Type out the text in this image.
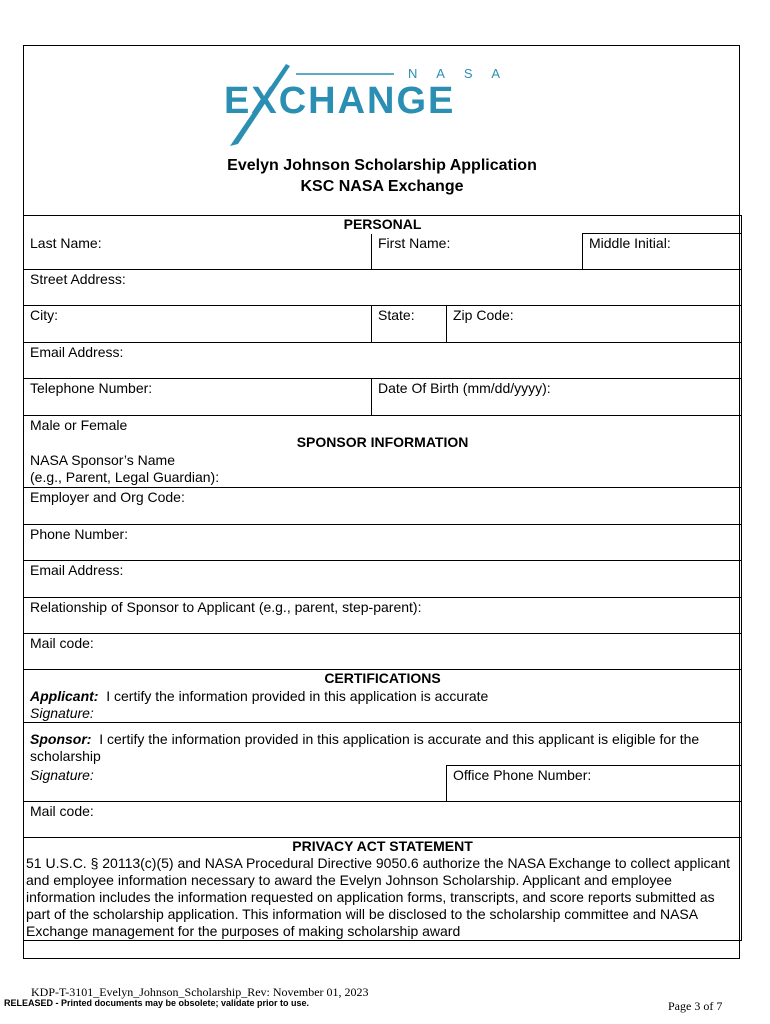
N A S A
EXCHANGE
Evelyn Johnson Scholarship Application
KSC NASA Exchange
PERSONAL			
Last Name:	First Name:		Middle Initial:
Street Address:			
City:	State:	Zip Code:	
Email Address:			
Telephone Number:	Date Of Birth (mm/dd/yyyy):		
Male or Female			
SPONSOR INFORMATION			

NASA Sponsor’s Name
(e.g., Parent, Legal Guardian):			

Employer and Org Code:			
Phone Number:			
Email Address:			
Relationship of Sponsor to Applicant (e.g., parent, step-parent):			
Mail code:			
CERTIFICATIONS			

Applicant:  I certify the information provided in this application is accurate
Signature:			

Sponsor:  I certify the information provided in this application is accurate and this applicant is eligible for the scholarship			
Signature:		Office Phone Number:	
Mail code:			
PRIVACY ACT STATEMENT			
51 U.S.C. § 20113(c)(5) and NASA Procedural Directive 9050.6 authorize the NASA Exchange to collect applicant and employee information necessary to award the Evelyn Johnson Scholarship. Applicant and employee information includes the information requested on application forms, transcripts, and score reports submitted as part of the scholarship application. This information will be disclosed to the scholarship committee and NASA Exchange management for the purposes of making scholarship award			
KDP-T-3101_Evelyn_Johnson_Scholarship_Rev: November 01, 2023
RELEASED - Printed documents may be obsolete; validate prior to use.	Page 3 of 7
